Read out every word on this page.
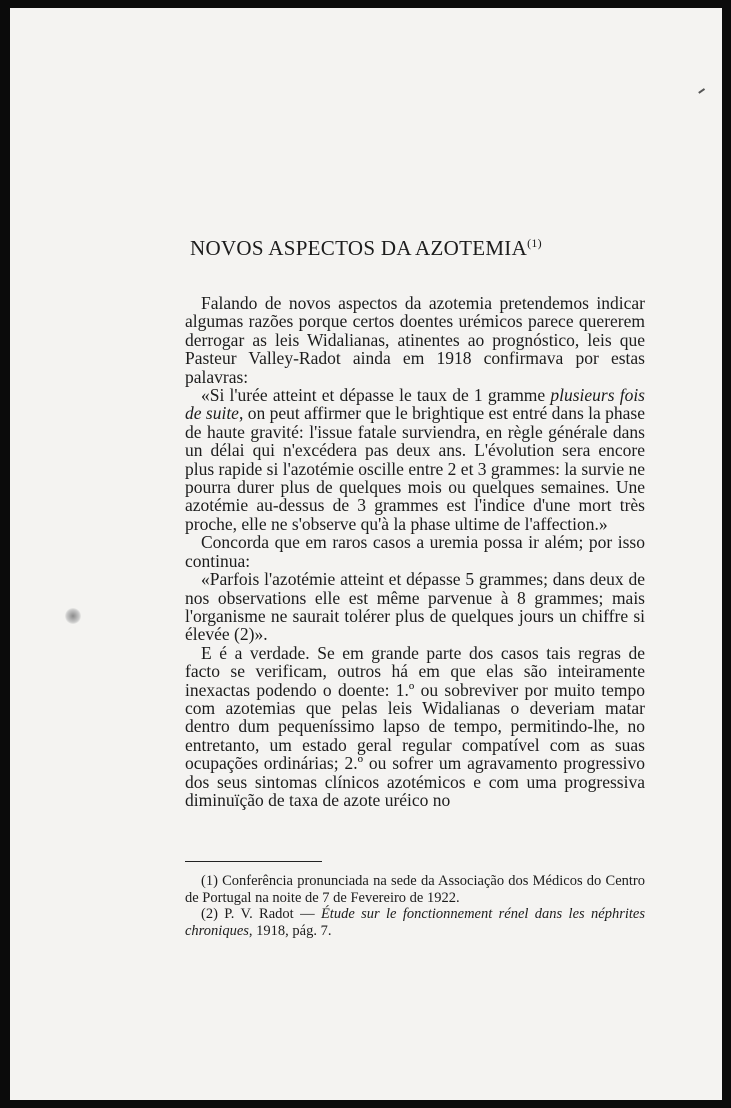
NOVOS ASPECTOS DA AZOTEMIA$^{(1)}$

Falando de novos aspectos da azotemia pretendemos indicar algumas razões porque certos doentes urémicos parece quererem derrogar as leis Widalianas, atinentes ao prognóstico, leis que Pasteur Valley-Radot ainda em 1918 confirmava por estas palavras:

«Si l'urée atteint et dépasse le taux de 1 gramme plusieurs fois de suite, on peut affirmer que le brightique est entré dans la phase de haute gravité: l'issue fatale surviendra, en règle générale dans un délai qui n'excédera pas deux ans. L'évolution sera encore plus rapide si l'azotémie oscille entre 2 et 3 grammes: la survie ne pourra durer plus de quelques mois ou quelques semaines. Une azotémie au-dessus de 3 grammes est l'indice d'une mort très proche, elle ne s'observe qu'à la phase ultime de l'affection.»

Concorda que em raros casos a uremia possa ir além; por isso continua:

«Parfois l'azotémie atteint et dépasse 5 grammes; dans deux de nos observations elle est même parvenue à 8 grammes; mais l'organisme ne saurait tolérer plus de quelques jours un chiffre si élevée (2)».

E é a verdade. Se em grande parte dos casos tais regras de facto se verificam, outros há em que elas são inteiramente inexactas podendo o doente: 1.º ou sobreviver por muito tempo com azotemias que pelas leis Widalianas o deveriam matar dentro dum pequeníssimo lapso de tempo, permitindo-lhe, no entretanto, um estado geral regular compatível com as suas ocupações ordinárias; 2.º ou sofrer um agravamento progressivo dos seus sintomas clínicos azotémicos e com uma progressiva diminuïção de taxa de azote uréico no

(1) Conferência pronunciada na sede da Associação dos Médicos do Centro de Portugal na noite de 7 de Fevereiro de 1922.

(2) P. V. Radot — Étude sur le fonctionnement rénel dans les néphrites chroniques, 1918, pág. 7.
